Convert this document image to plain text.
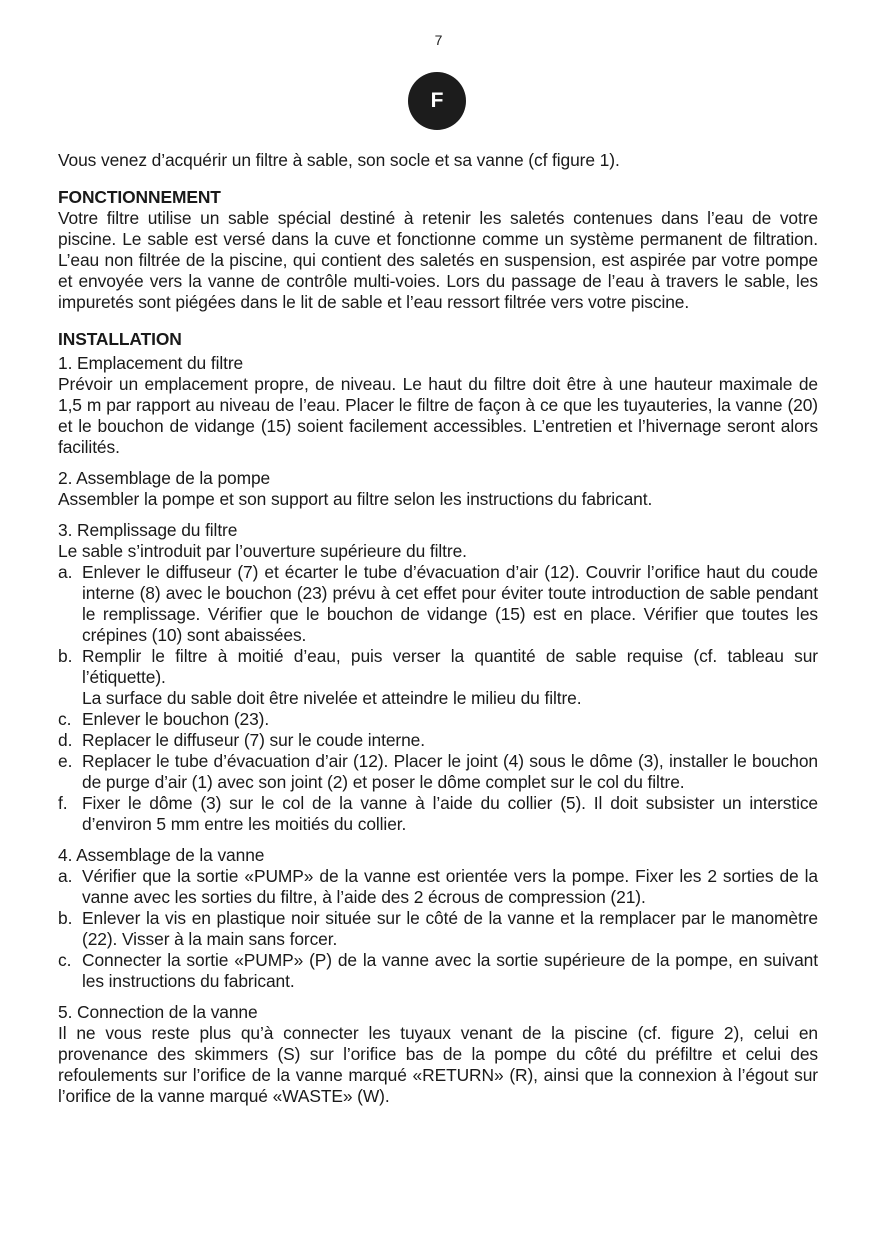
7
F

Vous venez d’acquérir un filtre à sable, son socle et sa vanne (cf figure 1).

FONCTIONNEMENT

Votre filtre utilise un sable spécial destiné à retenir les saletés contenues dans l’eau de votre piscine. Le sable est versé dans la cuve et fonctionne comme un système permanent de filtration. L’eau non filtrée de la piscine, qui contient des saletés en suspension, est aspirée par votre pompe et envoyée vers la vanne de contrôle multi-voies. Lors du passage de l’eau à travers le sable, les impuretés sont piégées dans le lit de sable et l’eau ressort filtrée vers votre piscine.

INSTALLATION

1. Emplacement du filtre

Prévoir un emplacement propre, de niveau. Le haut du filtre doit être à une hauteur maximale de 1,5 m par rapport au niveau de l’eau. Placer le filtre de façon à ce que les tuyauteries, la vanne (20) et le bouchon de vidange (15) soient facilement accessibles. L’entretien et l’hivernage seront alors facilités.

2. Assemblage de la pompe

Assembler la pompe et son support au filtre selon les instructions du fabricant.

3. Remplissage du filtre

Le sable s’introduit par l’ouverture supérieure du filtre.

a. Enlever le diffuseur (7) et écarter le tube d’évacuation d’air (12). Couvrir l’orifice haut du coude interne (8) avec le bouchon (23) prévu à cet effet pour éviter toute introduction de sable pendant le remplissage. Vérifier que le bouchon de vidange (15) est en place. Vérifier que toutes les crépines (10) sont abaissées.
b. Remplir le filtre à moitié d’eau, puis verser la quantité de sable requise (cf. tableau sur l’étiquette).
La surface du sable doit être nivelée et atteindre le milieu du filtre.
c. Enlever le bouchon (23).
d. Replacer le diffuseur (7) sur le coude interne.
e. Replacer le tube d’évacuation d’air (12). Placer le joint (4) sous le dôme (3), installer le bouchon de purge d’air (1) avec son joint (2) et poser le dôme complet sur le col du filtre.
f. Fixer le dôme (3) sur le col de la vanne à l’aide du collier (5). Il doit subsister un interstice d’environ 5 mm entre les moitiés du collier.

4. Assemblage de la vanne

a. Vérifier que la sortie «PUMP» de la vanne est orientée vers la pompe. Fixer les 2 sorties de la vanne avec les sorties du filtre, à l’aide des 2 écrous de compression (21).
b. Enlever la vis en plastique noir située sur le côté de la vanne et la remplacer par le manomètre (22). Visser à la main sans forcer.
c. Connecter la sortie «PUMP» (P) de la vanne avec la sortie supérieure de la pompe, en suivant les instructions du fabricant.

5. Connection de la vanne

Il ne vous reste plus qu’à connecter les tuyaux venant de la piscine (cf. figure 2), celui en provenance des skimmers (S) sur l’orifice bas de la pompe du côté du préfiltre et celui des refoulements sur l’orifice de la vanne marqué «RETURN» (R), ainsi que la connexion à l’égout sur l’orifice de la vanne marqué «WASTE» (W).
